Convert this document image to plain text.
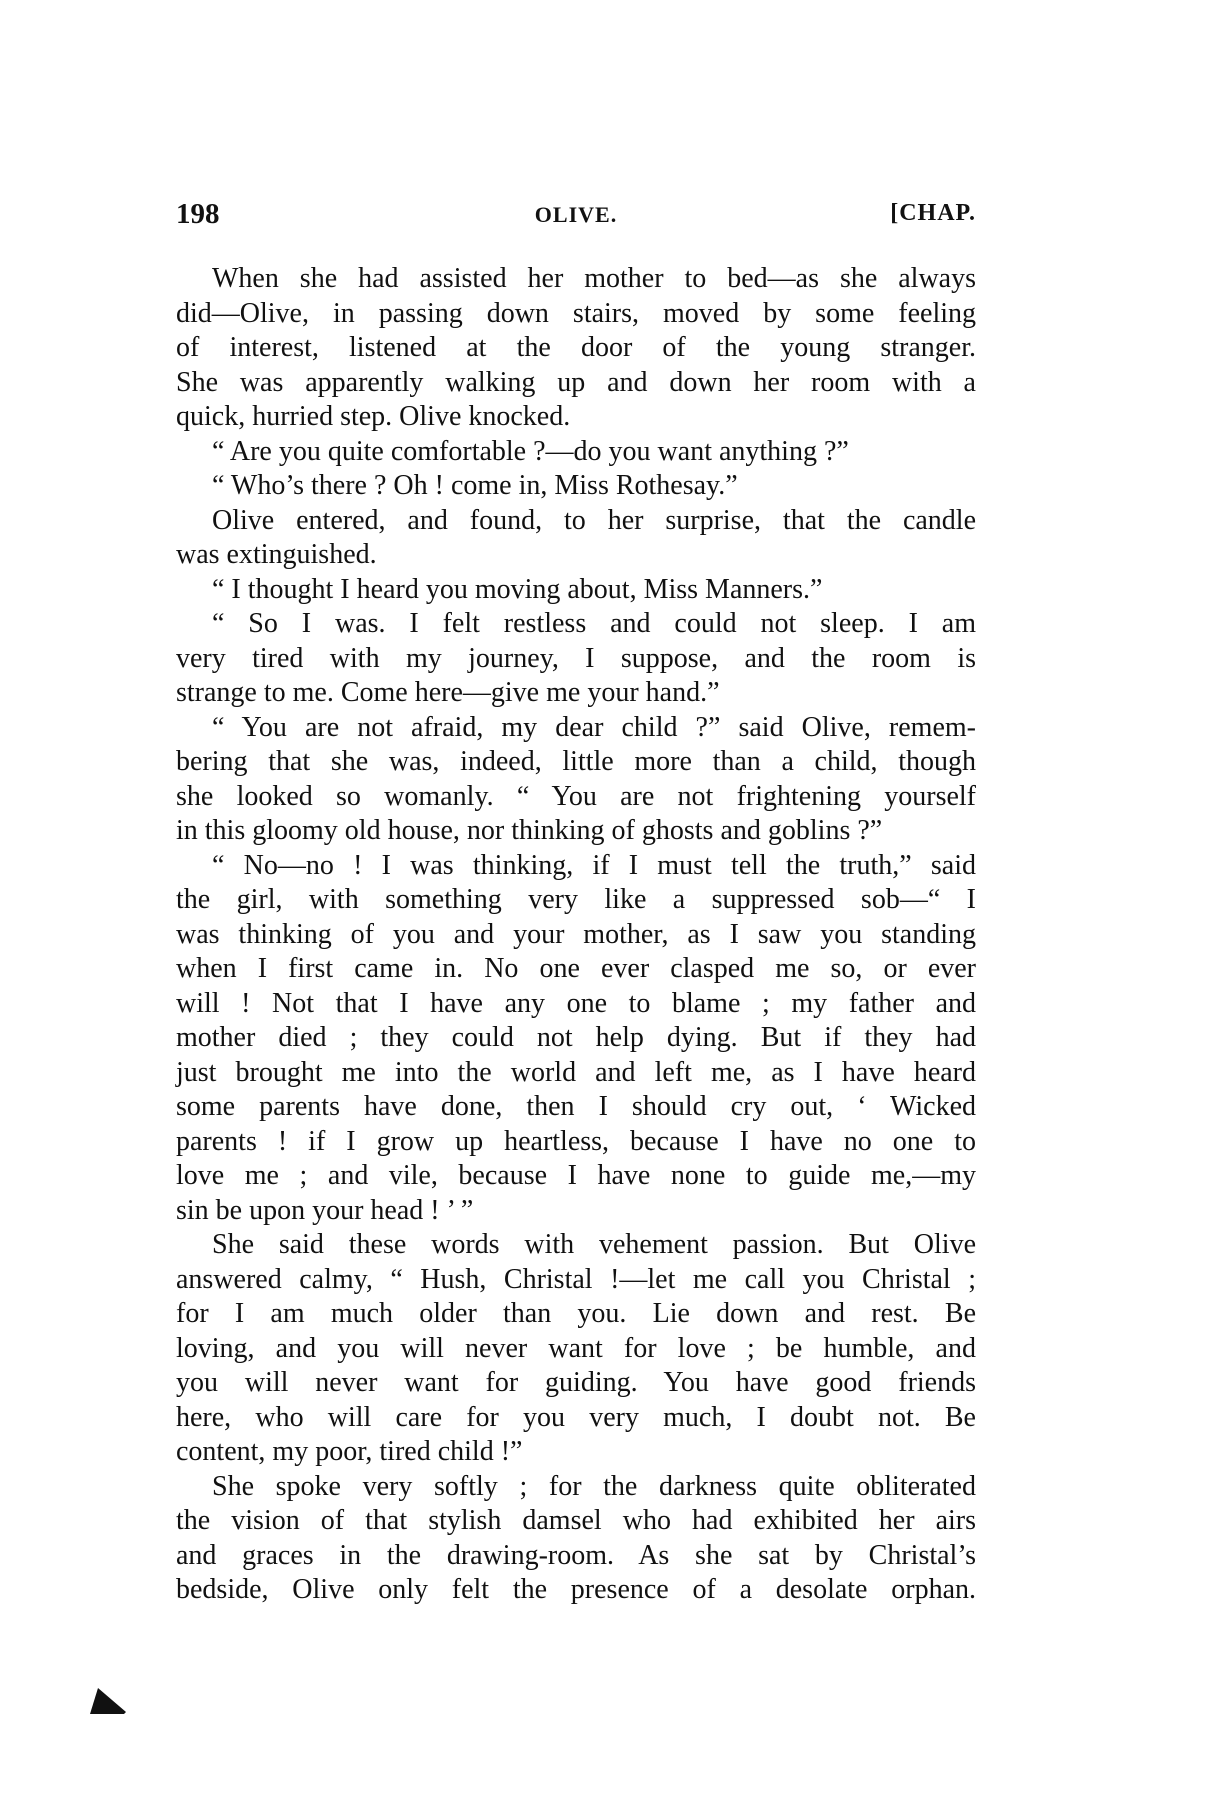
198	OLIVE.	[CHAP.
When she had assisted her mother to bed—as she always
did—Olive, in passing down stairs, moved by some feeling
of interest, listened at the door of the young stranger.
She was apparently walking up and down her room with a
quick, hurried step. Olive knocked.
“ Are you quite comfortable ?—do you want anything ?”
“ Who’s there ? Oh ! come in, Miss Rothesay.”
Olive entered, and found, to her surprise, that the candle
was extinguished.
“ I thought I heard you moving about, Miss Manners.”
“ So I was. I felt restless and could not sleep. I am
very tired with my journey, I suppose, and the room is
strange to me. Come here—give me your hand.”
“ You are not afraid, my dear child ?” said Olive, remem-
bering that she was, indeed, little more than a child, though
she looked so womanly. “ You are not frightening yourself
in this gloomy old house, nor thinking of ghosts and goblins ?”
“ No—no ! I was thinking, if I must tell the truth,” said
the girl, with something very like a suppressed sob—“ I
was thinking of you and your mother, as I saw you standing
when I first came in. No one ever clasped me so, or ever
will ! Not that I have any one to blame ; my father and
mother died ; they could not help dying. But if they had
just brought me into the world and left me, as I have heard
some parents have done, then I should cry out, ‘ Wicked
parents ! if I grow up heartless, because I have no one to
love me ; and vile, because I have none to guide me,—my
sin be upon your head ! ’ ”
She said these words with vehement passion. But Olive
answered calmy, “ Hush, Christal !—let me call you Christal ;
for I am much older than you. Lie down and rest. Be
loving, and you will never want for love ; be humble, and
you will never want for guiding. You have good friends
here, who will care for you very much, I doubt not. Be
content, my poor, tired child !”
She spoke very softly ; for the darkness quite obliterated
the vision of that stylish damsel who had exhibited her airs
and graces in the drawing-room. As she sat by Christal’s
bedside, Olive only felt the presence of a desolate orphan.
